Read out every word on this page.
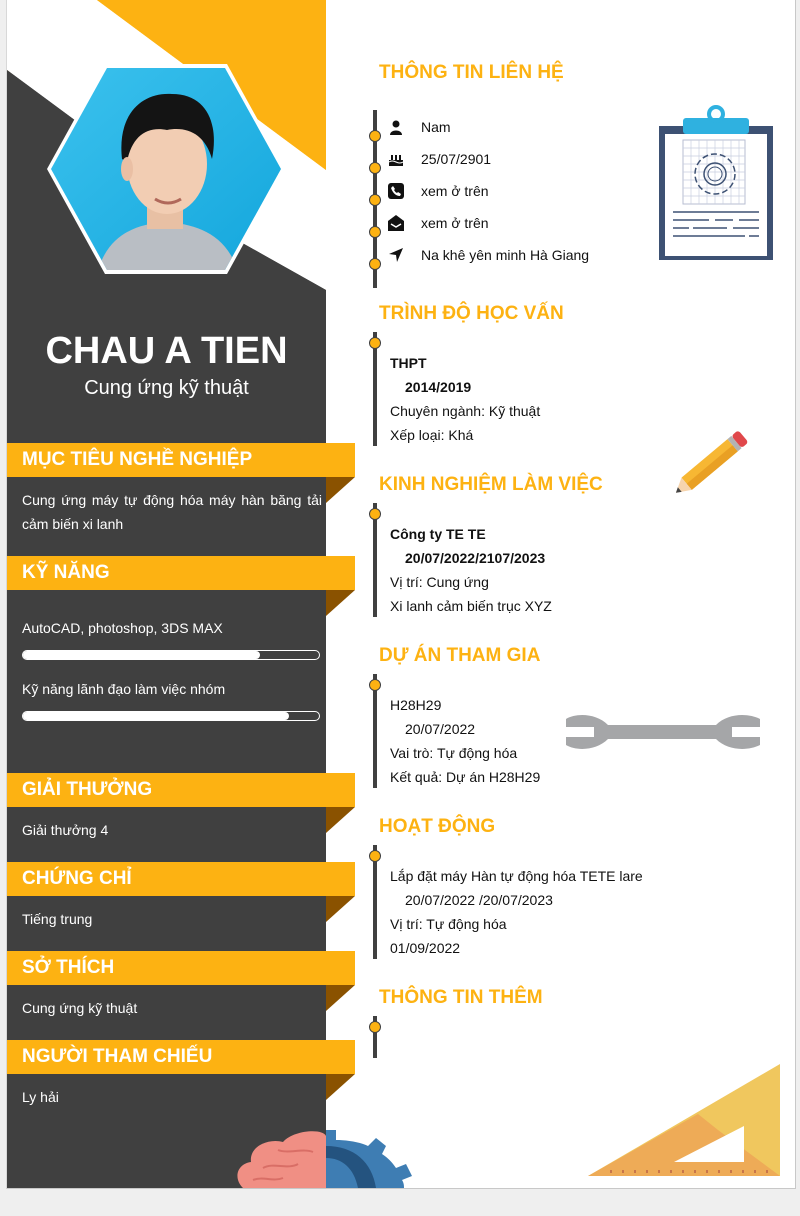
CHAU A TIEN
Cung ứng kỹ thuật
MỤC TIÊU NGHỀ NGHIỆP
Cung ứng máy tự động hóa máy hàn băng tải cảm biến xi lanh
KỸ NĂNG
AutoCAD, photoshop, 3DS MAX
Kỹ năng lãnh đạo làm việc nhóm
GIẢI THƯỞNG
Giải thưởng 4
CHỨNG CHỈ
Tiếng trung
SỞ THÍCH
Cung ứng kỹ thuật
NGƯỜI THAM CHIẾU
Ly hải
THÔNG TIN LIÊN HỆ
Nam
25/07/2901
xem ở trên
xem ở trên
Na khê yên minh Hà Giang
TRÌNH ĐỘ HỌC VẤN
THPT
2014/2019
Chuyên ngành: Kỹ thuật
Xếp loại: Khá
KINH NGHIỆM LÀM VIỆC
Công ty TE TE
20/07/2022/2107/2023
Vị trí: Cung ứng
Xi lanh cảm biến trục XYZ
DỰ ÁN THAM GIA
H28H29
20/07/2022
Vai trò: Tự động hóa
Kết quả: Dự án H28H29
HOẠT ĐỘNG
Lắp đặt máy Hàn tự động hóa TETE lare
20/07/2022 /20/07/2023
Vị trí: Tự động hóa
01/09/2022
THÔNG TIN THÊM
